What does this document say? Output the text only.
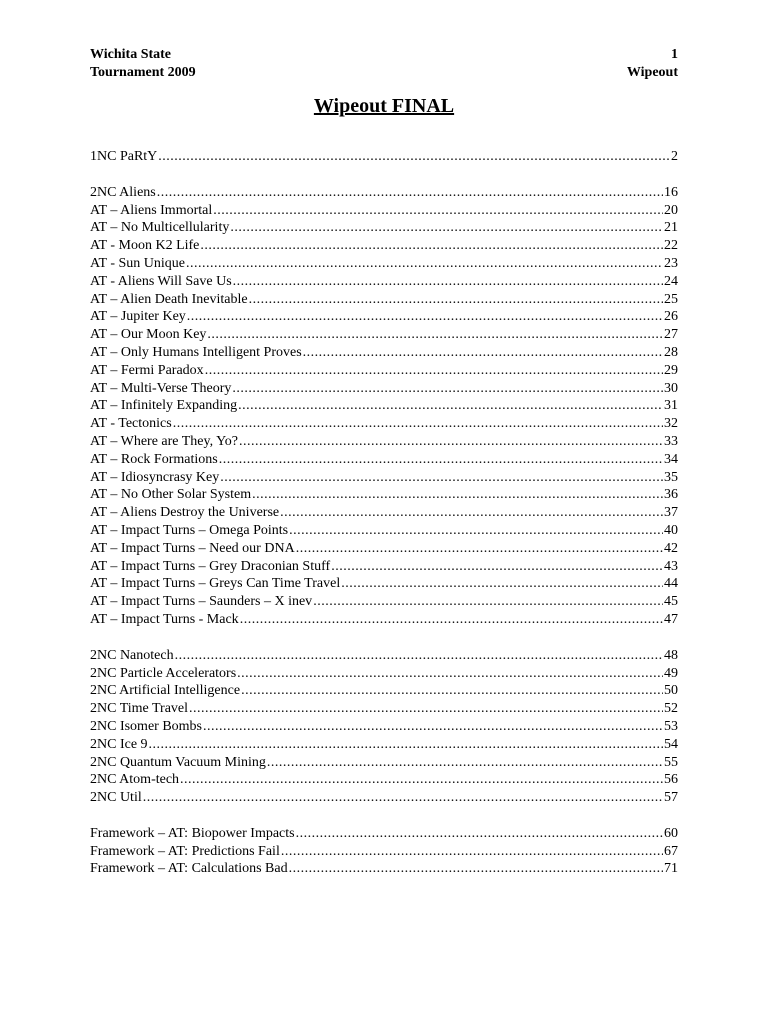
Wichita State
Tournament 2009
1
Wipeout
Wipeout FINAL
1NC PaRtY .....	2
2NC Aliens .....	16
AT – Aliens Immortal .....	20
AT – No Multicellularity .....	21
AT - Moon K2 Life .....	22
AT - Sun Unique .....	23
AT - Aliens Will Save Us .....	24
AT – Alien Death Inevitable .....	25
AT – Jupiter Key .....	26
AT – Our Moon Key .....	27
AT – Only Humans Intelligent Proves .....	28
AT – Fermi Paradox .....	29
AT – Multi-Verse Theory .....	30
AT – Infinitely Expanding .....	31
AT - Tectonics .....	32
AT – Where are They, Yo? .....	33
AT – Rock Formations .....	34
AT – Idiosyncrasy Key .....	35
AT – No Other Solar System .....	36
AT – Aliens Destroy the Universe .....	37
AT – Impact Turns – Omega Points .....	40
AT – Impact Turns – Need our DNA .....	42
AT – Impact Turns – Grey Draconian Stuff .....	43
AT – Impact Turns – Greys Can Time Travel .....	44
AT – Impact Turns – Saunders – X inev .....	45
AT – Impact Turns - Mack .....	47
2NC Nanotech .....	48
2NC Particle Accelerators .....	49
2NC Artificial Intelligence .....	50
2NC Time Travel .....	52
2NC Isomer Bombs .....	53
2NC Ice 9 .....	54
2NC Quantum Vacuum Mining .....	55
2NC Atom-tech .....	56
2NC Util .....	57
Framework – AT: Biopower Impacts .....	60
Framework – AT: Predictions Fail .....	67
Framework – AT: Calculations Bad .....	71
